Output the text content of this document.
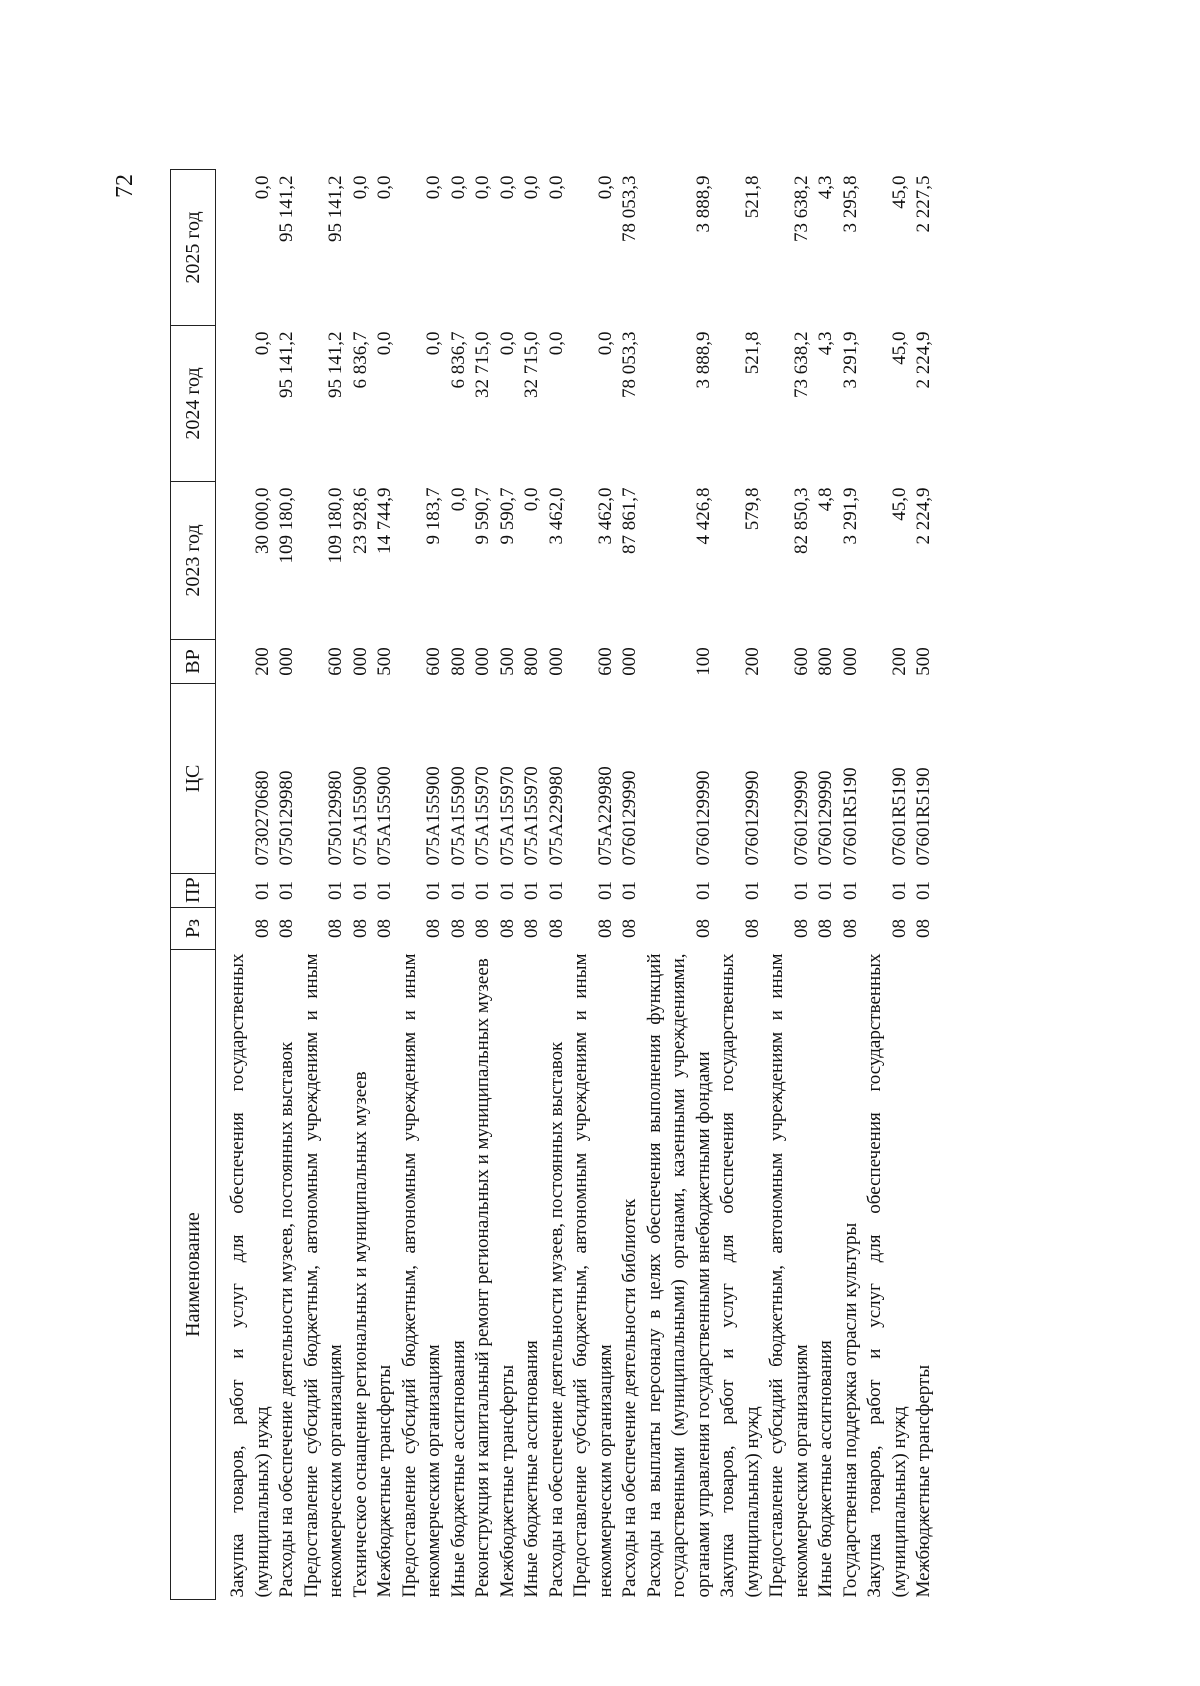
72
Наименование	Рз	ПР	ЦС	ВР	2023 год	2024 год	2025 год
Закупка товаров, работ и услуг для обеспечения государственных (муниципальных) нужд	08	01	0730270680	200	30 000,0	0,0	0,0
Расходы на обеспечение деятельности музеев, постоянных выставок	08	01	0750129980	000	109 180,0	95 141,2	95 141,2
Предоставление субсидий бюджетным, автономным учреждениям и иным некоммерческим организациям	08	01	0750129980	600	109 180,0	95 141,2	95 141,2
Техническое оснащение региональных и муниципальных музеев	08	01	075A155900	000	23 928,6	6 836,7	0,0
Межбюджетные трансферты	08	01	075A155900	500	14 744,9	0,0	0,0
Предоставление субсидий бюджетным, автономным учреждениям и иным некоммерческим организациям	08	01	075A155900	600	9 183,7	0,0	0,0
Иные бюджетные ассигнования	08	01	075A155900	800	0,0	6 836,7	0,0
Реконструкция и капитальный ремонт региональных и муниципальных музеев	08	01	075A155970	000	9 590,7	32 715,0	0,0
Межбюджетные трансферты	08	01	075A155970	500	9 590,7	0,0	0,0
Иные бюджетные ассигнования	08	01	075A155970	800	0,0	32 715,0	0,0
Расходы на обеспечение деятельности музеев, постоянных выставок	08	01	075A229980	000	3 462,0	0,0	0,0
Предоставление субсидий бюджетным, автономным учреждениям и иным некоммерческим организациям	08	01	075A229980	600	3 462,0	0,0	0,0
Расходы на обеспечение деятельности библиотек	08	01	0760129990	000	87 861,7	78 053,3	78 053,3
Расходы на выплаты персоналу в целях обеспечения выполнения функций государственными (муниципальными) органами, казенными учреждениями, органами управления государственными внебюджетными фондами	08	01	0760129990	100	4 426,8	3 888,9	3 888,9
Закупка товаров, работ и услуг для обеспечения государственных (муниципальных) нужд	08	01	0760129990	200	579,8	521,8	521,8
Предоставление субсидий бюджетным, автономным учреждениям и иным некоммерческим организациям	08	01	0760129990	600	82 850,3	73 638,2	73 638,2
Иные бюджетные ассигнования	08	01	0760129990	800	4,8	4,3	4,3
Государственная поддержка отрасли культуры	08	01	07601R5190	000	3 291,9	3 291,9	3 295,8
Закупка товаров, работ и услуг для обеспечения государственных (муниципальных) нужд	08	01	07601R5190	200	45,0	45,0	45,0
Межбюджетные трансферты	08	01	07601R5190	500	2 224,9	2 224,9	2 227,5
